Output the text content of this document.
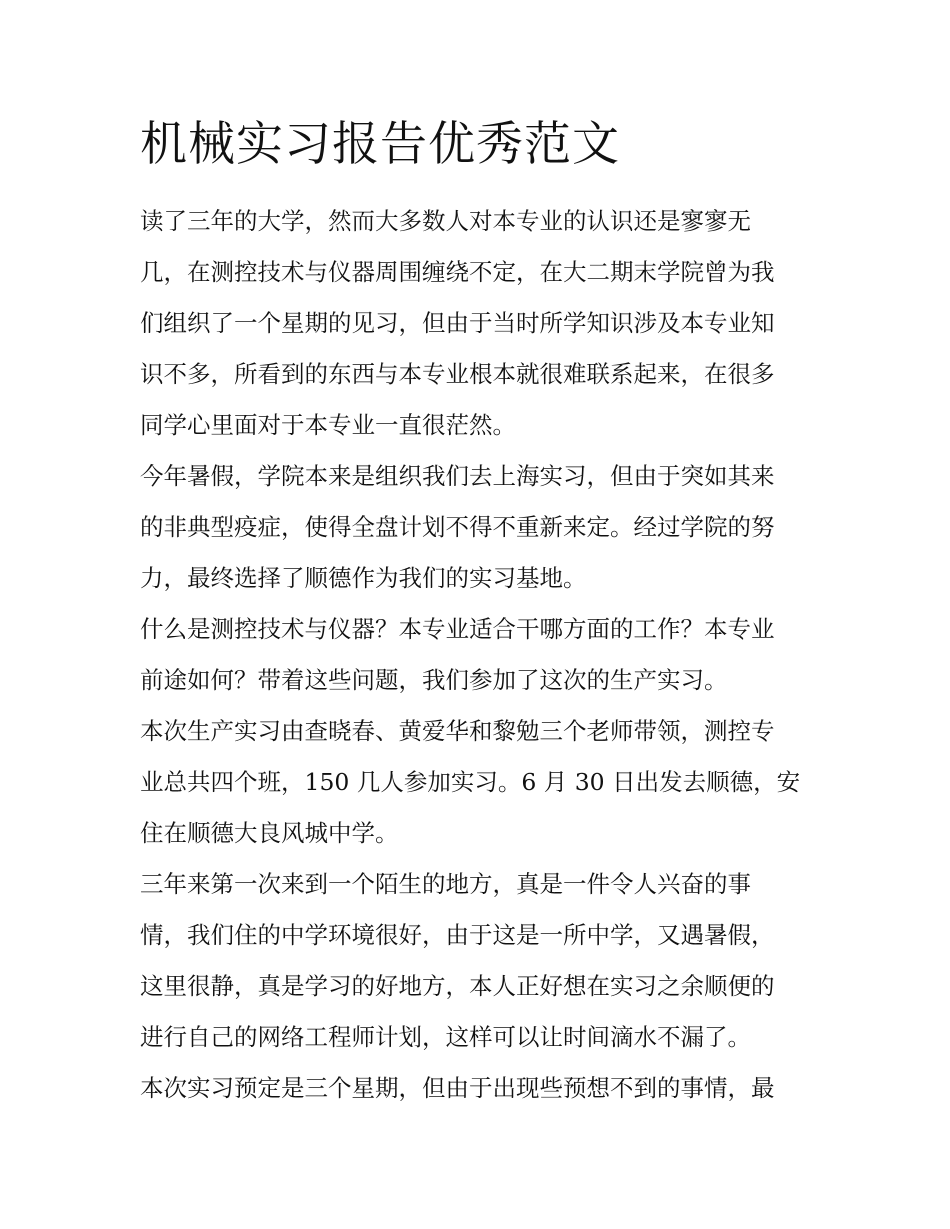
机械实习报告优秀范文
读了三年的大学，然而大多数人对本专业的认识还是寥寥无
几，在测控技术与仪器周围缠绕不定，在大二期末学院曾为我
们组织了一个星期的见习，但由于当时所学知识涉及本专业知
识不多，所看到的东西与本专业根本就很难联系起来，在很多
同学心里面对于本专业一直很茫然。
今年暑假，学院本来是组织我们去上海实习，但由于突如其来
的非典型疫症，使得全盘计划不得不重新来定。经过学院的努
力，最终选择了顺德作为我们的实习基地。
什么是测控技术与仪器？本专业适合干哪方面的工作？本专业
前途如何？带着这些问题，我们参加了这次的生产实习。
本次生产实习由查晓春、黄爱华和黎勉三个老师带领，测控专
业总共四个班，150 几人参加实习。6 月 30 日出发去顺德，安
住在顺德大良风城中学。
三年来第一次来到一个陌生的地方，真是一件令人兴奋的事
情，我们住的中学环境很好，由于这是一所中学，又遇暑假，
这里很静，真是学习的好地方，本人正好想在实习之余顺便的
进行自己的网络工程师计划，这样可以让时间滴水不漏了。
本次实习预定是三个星期，但由于出现些预想不到的事情，最
